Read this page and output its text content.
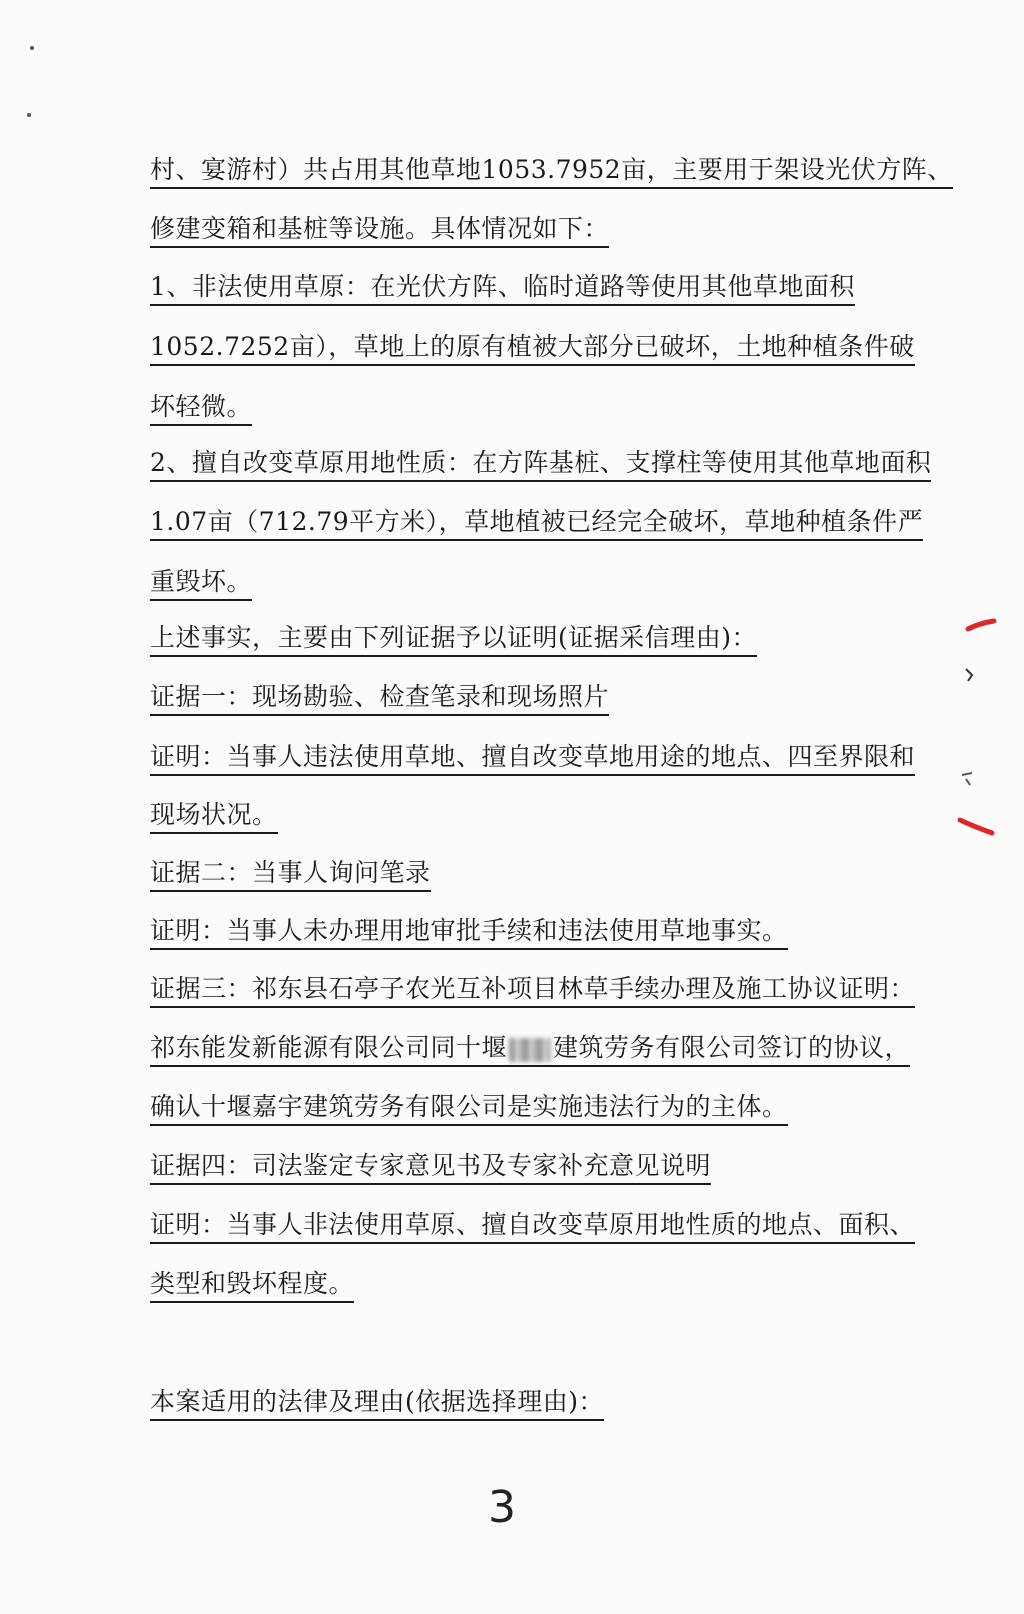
村、宴游村）共占用其他草地1053.7952亩，主要用于架设光伏方阵、
修建变箱和基桩等设施。具体情况如下：
1、非法使用草原：在光伏方阵、临时道路等使用其他草地面积
1052.7252亩），草地上的原有植被大部分已破坏，土地种植条件破
坏轻微。
2、擅自改变草原用地性质：在方阵基桩、支撑柱等使用其他草地面积
1.07亩（712.79平方米），草地植被已经完全破坏，草地种植条件严
重毁坏。
上述事实，主要由下列证据予以证明(证据采信理由)：
证据一：现场勘验、检查笔录和现场照片
证明：当事人违法使用草地、擅自改变草地用途的地点、四至界限和
现场状况。
证据二：当事人询问笔录
证明：当事人未办理用地审批手续和违法使用草地事实。
证据三：祁东县石亭子农光互补项目林草手续办理及施工协议证明：
祁东能发新能源有限公司同十堰 建筑劳务有限公司签订的协议，
确认十堰嘉宇建筑劳务有限公司是实施违法行为的主体。
证据四：司法鉴定专家意见书及专家补充意见说明
证明：当事人非法使用草原、擅自改变草原用地性质的地点、面积、
类型和毁坏程度。
本案适用的法律及理由(依据选择理由)：
3
